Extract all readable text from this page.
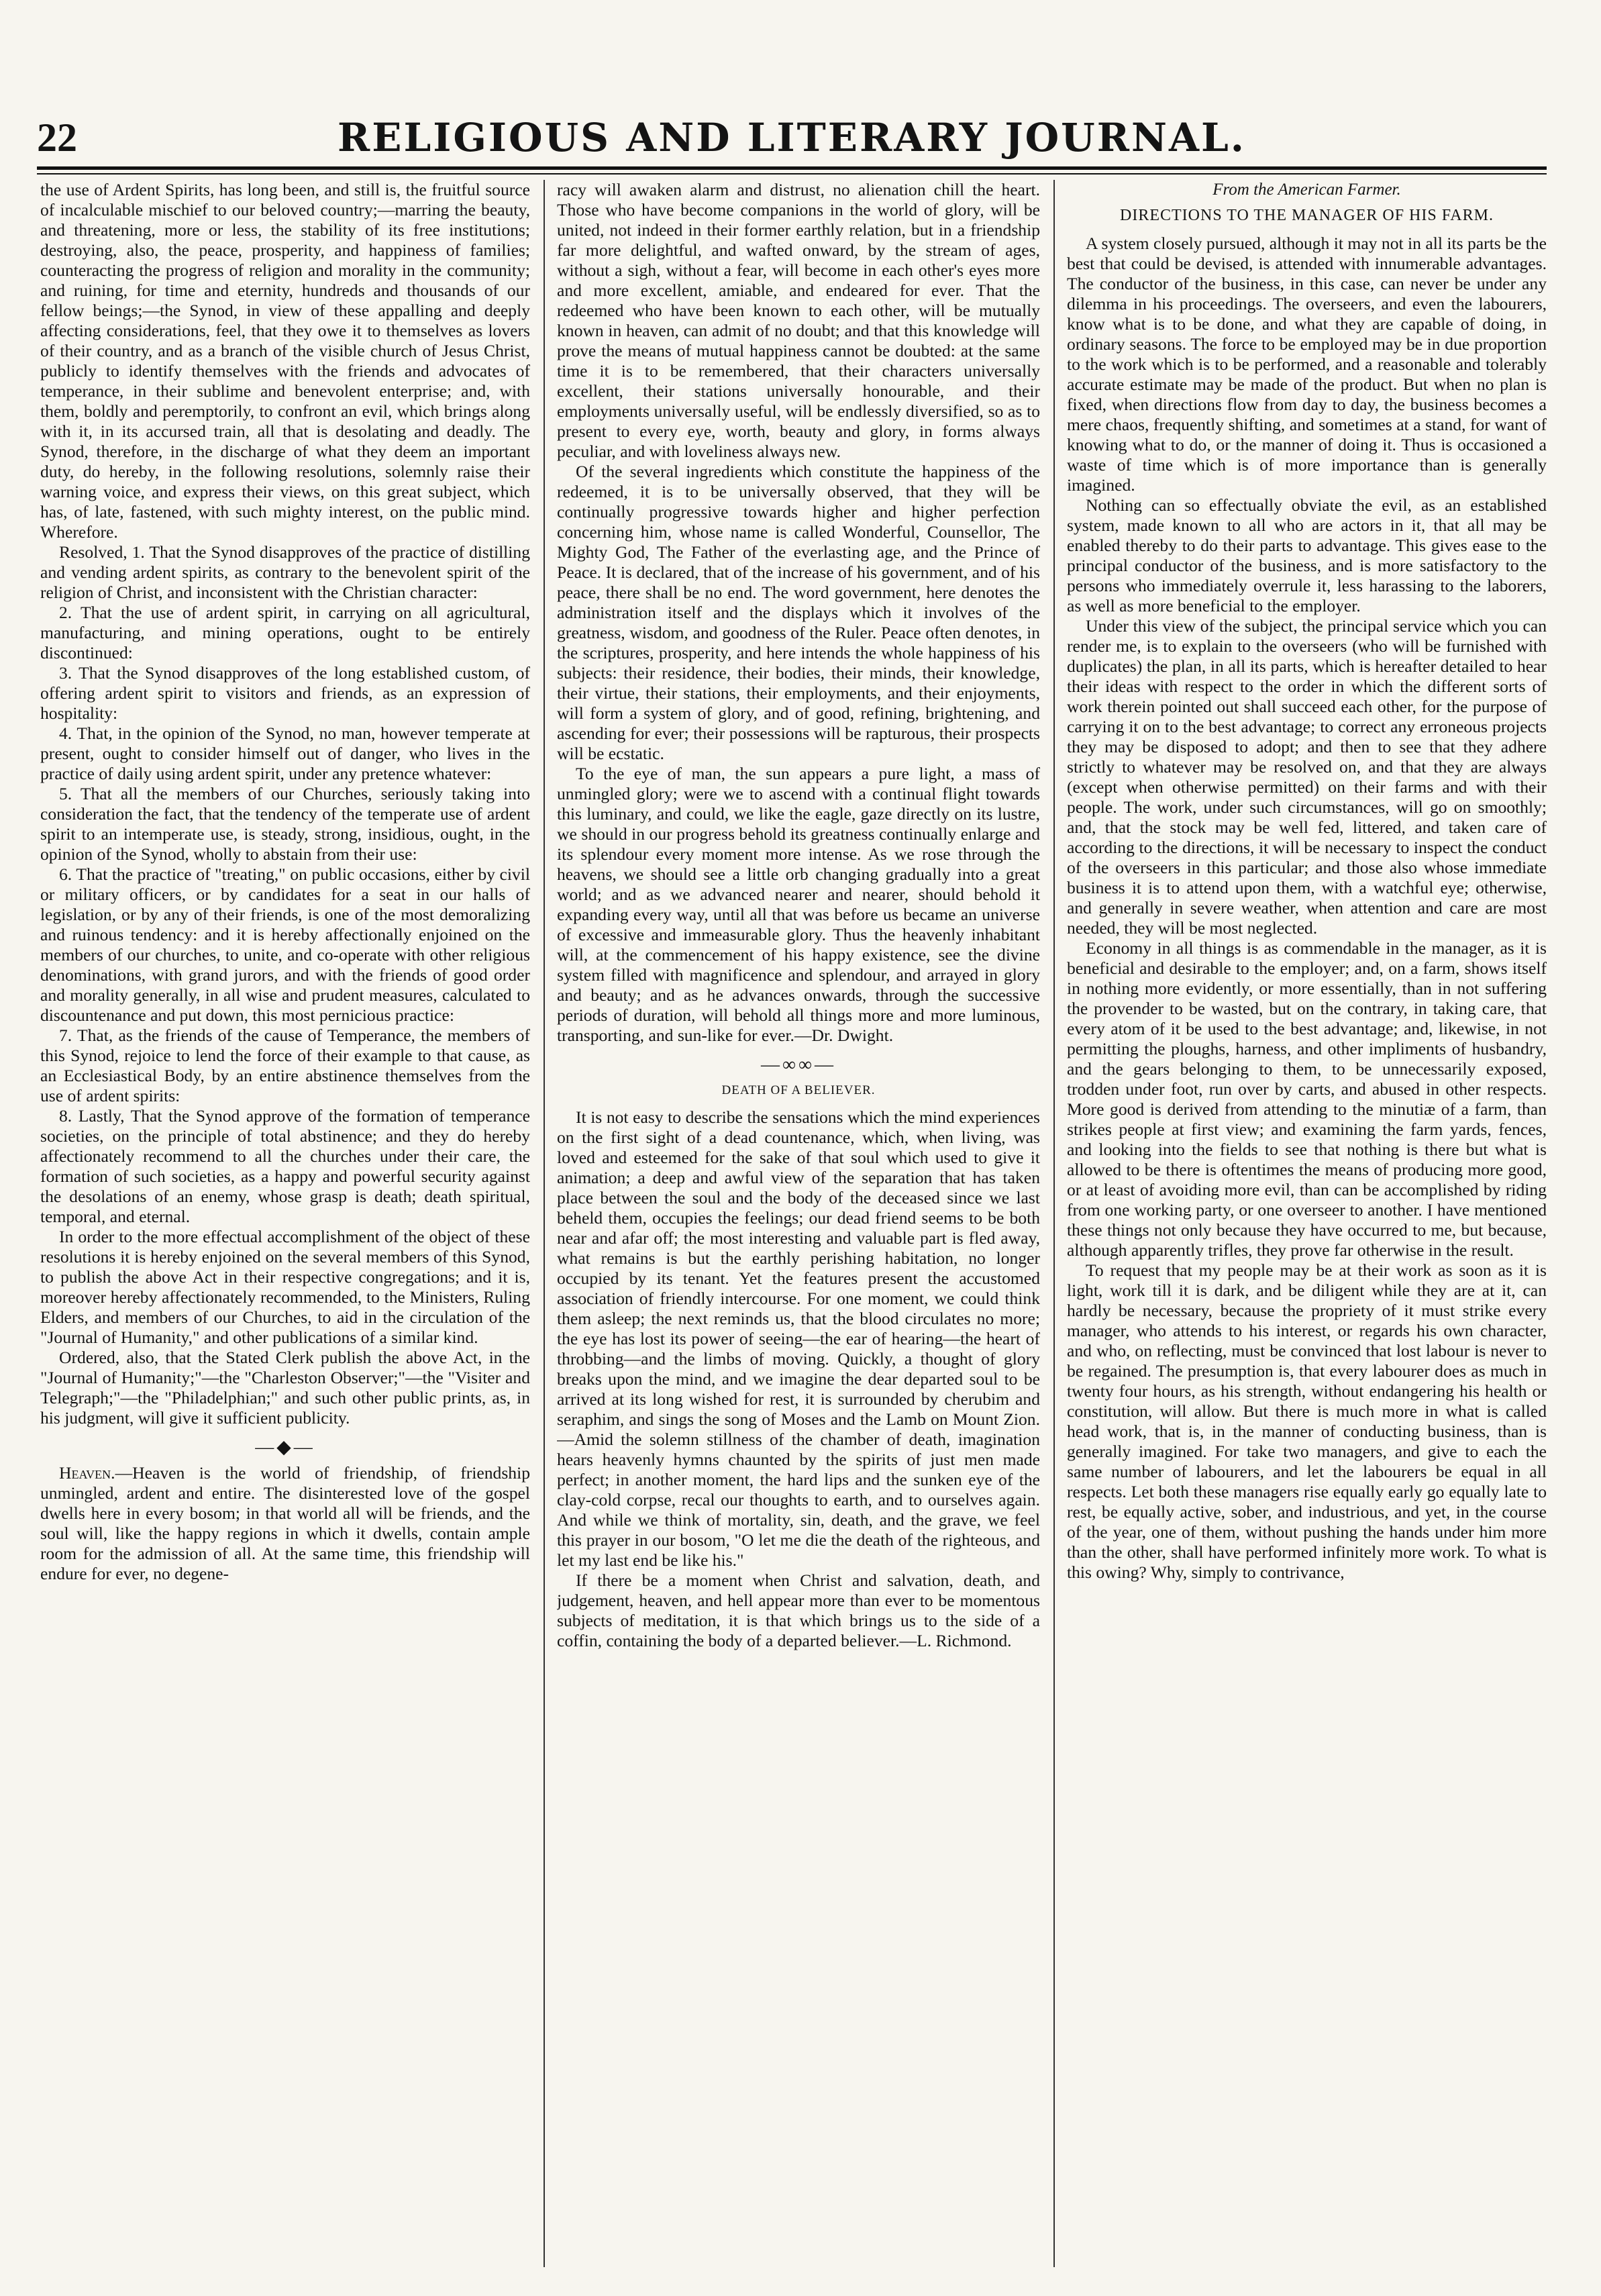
22	RELIGIOUS AND LITERARY JOURNAL.

the use of Ardent Spirits, has long been, and still is, the fruitful source of incalculable mischief to our beloved country;—marring the beauty, and threatening, more or less, the stability of its free institutions; destroying, also, the peace, prosperity, and happiness of families; counteracting the progress of religion and morality in the community; and ruining, for time and eternity, hundreds and thousands of our fellow beings;—the Synod, in view of these appalling and deeply affecting considerations, feel, that they owe it to themselves as lovers of their country, and as a branch of the visible church of Jesus Christ, publicly to identify themselves with the friends and advocates of temperance, in their sublime and benevolent enterprise; and, with them, boldly and peremptorily, to confront an evil, which brings along with it, in its accursed train, all that is desolating and deadly. The Synod, therefore, in the discharge of what they deem an important duty, do hereby, in the following resolutions, solemnly raise their warning voice, and express their views, on this great subject, which has, of late, fastened, with such mighty interest, on the public mind. Wherefore.

Resolved, 1. That the Synod disapproves of the practice of distilling and vending ardent spirits, as contrary to the benevolent spirit of the religion of Christ, and inconsistent with the Christian character:

2. That the use of ardent spirit, in carrying on all agricultural, manufacturing, and mining operations, ought to be entirely discontinued:

3. That the Synod disapproves of the long established custom, of offering ardent spirit to visitors and friends, as an expression of hospitality:

4. That, in the opinion of the Synod, no man, however temperate at present, ought to consider himself out of danger, who lives in the practice of daily using ardent spirit, under any pretence whatever:

5. That all the members of our Churches, seriously taking into consideration the fact, that the tendency of the temperate use of ardent spirit to an intemperate use, is steady, strong, insidious, ought, in the opinion of the Synod, wholly to abstain from their use:

6. That the practice of "treating," on public occasions, either by civil or military officers, or by candidates for a seat in our halls of legislation, or by any of their friends, is one of the most demoralizing and ruinous tendency: and it is hereby affectionally enjoined on the members of our churches, to unite, and co-operate with other religious denominations, with grand jurors, and with the friends of good order and morality generally, in all wise and prudent measures, calculated to discountenance and put down, this most pernicious practice:

7. That, as the friends of the cause of Temperance, the members of this Synod, rejoice to lend the force of their example to that cause, as an Ecclesiastical Body, by an entire abstinence themselves from the use of ardent spirits:

8. Lastly, That the Synod approve of the formation of temperance societies, on the principle of total abstinence; and they do hereby affectionately recommend to all the churches under their care, the formation of such societies, as a happy and powerful security against the desolations of an enemy, whose grasp is death; death spiritual, temporal, and eternal.

In order to the more effectual accomplishment of the object of these resolutions it is hereby enjoined on the several members of this Synod, to publish the above Act in their respective congregations; and it is, moreover hereby affectionately recommended, to the Ministers, Ruling Elders, and members of our Churches, to aid in the circulation of the "Journal of Humanity," and other publications of a similar kind.

Ordered, also, that the Stated Clerk publish the above Act, in the "Journal of Humanity;"—the "Charleston Observer;"—the "Visiter and Telegraph;"—the "Philadelphian;" and such other public prints, as, in his judgment, will give it sufficient publicity.

—◆—

Heaven.—Heaven is the world of friendship, of friendship unmingled, ardent and entire. The disinterested love of the gospel dwells here in every bosom; in that world all will be friends, and the soul will, like the happy regions in which it dwells, contain ample room for the admission of all. At the same time, this friendship will endure for ever, no degene-

racy will awaken alarm and distrust, no alienation chill the heart. Those who have become companions in the world of glory, will be united, not indeed in their former earthly relation, but in a friendship far more delightful, and wafted onward, by the stream of ages, without a sigh, without a fear, will become in each other's eyes more and more excellent, amiable, and endeared for ever. That the redeemed who have been known to each other, will be mutually known in heaven, can admit of no doubt; and that this knowledge will prove the means of mutual happiness cannot be doubted: at the same time it is to be remembered, that their characters universally excellent, their stations universally honourable, and their employments universally useful, will be endlessly diversified, so as to present to every eye, worth, beauty and glory, in forms always peculiar, and with loveliness always new.

Of the several ingredients which constitute the happiness of the redeemed, it is to be universally observed, that they will be continually progressive towards higher and higher perfection concerning him, whose name is called Wonderful, Counsellor, The Mighty God, The Father of the everlasting age, and the Prince of Peace. It is declared, that of the increase of his government, and of his peace, there shall be no end. The word government, here denotes the administration itself and the displays which it involves of the greatness, wisdom, and goodness of the Ruler. Peace often denotes, in the scriptures, prosperity, and here intends the whole happiness of his subjects: their residence, their bodies, their minds, their knowledge, their virtue, their stations, their employments, and their enjoyments, will form a system of glory, and of good, refining, brightening, and ascending for ever; their possessions will be rapturous, their prospects will be ecstatic.

To the eye of man, the sun appears a pure light, a mass of unmingled glory; were we to ascend with a continual flight towards this luminary, and could, we like the eagle, gaze directly on its lustre, we should in our progress behold its greatness continually enlarge and its splendour every moment more intense. As we rose through the heavens, we should see a little orb changing gradually into a great world; and as we advanced nearer and nearer, should behold it expanding every way, until all that was before us became an universe of excessive and immeasurable glory. Thus the heavenly inhabitant will, at the commencement of his happy existence, see the divine system filled with magnificence and splendour, and arrayed in glory and beauty; and as he advances onwards, through the successive periods of duration, will behold all things more and more luminous, transporting, and sun-like for ever.—Dr. Dwight.

—∞∞—

DEATH OF A BELIEVER.

It is not easy to describe the sensations which the mind experiences on the first sight of a dead countenance, which, when living, was loved and esteemed for the sake of that soul which used to give it animation; a deep and awful view of the separation that has taken place between the soul and the body of the deceased since we last beheld them, occupies the feelings; our dead friend seems to be both near and afar off; the most interesting and valuable part is fled away, what remains is but the earthly perishing habitation, no longer occupied by its tenant. Yet the features present the accustomed association of friendly intercourse. For one moment, we could think them asleep; the next reminds us, that the blood circulates no more; the eye has lost its power of seeing—the ear of hearing—the heart of throbbing—and the limbs of moving. Quickly, a thought of glory breaks upon the mind, and we imagine the dear departed soul to be arrived at its long wished for rest, it is surrounded by cherubim and seraphim, and sings the song of Moses and the Lamb on Mount Zion.—Amid the solemn stillness of the chamber of death, imagination hears heavenly hymns chaunted by the spirits of just men made perfect; in another moment, the hard lips and the sunken eye of the clay-cold corpse, recal our thoughts to earth, and to ourselves again. And while we think of mortality, sin, death, and the grave, we feel this prayer in our bosom, "O let me die the death of the righteous, and let my last end be like his."

If there be a moment when Christ and salvation, death, and judgement, heaven, and hell appear more than ever to be momentous subjects of meditation, it is that which brings us to the side of a coffin, containing the body of a departed believer.—L. Richmond.

From the American Farmer.

DIRECTIONS TO THE MANAGER OF HIS FARM.

A system closely pursued, although it may not in all its parts be the best that could be devised, is attended with innumerable advantages. The conductor of the business, in this case, can never be under any dilemma in his proceedings. The overseers, and even the labourers, know what is to be done, and what they are capable of doing, in ordinary seasons. The force to be employed may be in due proportion to the work which is to be performed, and a reasonable and tolerably accurate estimate may be made of the product. But when no plan is fixed, when directions flow from day to day, the business becomes a mere chaos, frequently shifting, and sometimes at a stand, for want of knowing what to do, or the manner of doing it. Thus is occasioned a waste of time which is of more importance than is generally imagined.

Nothing can so effectually obviate the evil, as an established system, made known to all who are actors in it, that all may be enabled thereby to do their parts to advantage. This gives ease to the principal conductor of the business, and is more satisfactory to the persons who immediately overrule it, less harassing to the laborers, as well as more beneficial to the employer.

Under this view of the subject, the principal service which you can render me, is to explain to the overseers (who will be furnished with duplicates) the plan, in all its parts, which is hereafter detailed to hear their ideas with respect to the order in which the different sorts of work therein pointed out shall succeed each other, for the purpose of carrying it on to the best advantage; to correct any erroneous projects they may be disposed to adopt; and then to see that they adhere strictly to whatever may be resolved on, and that they are always (except when otherwise permitted) on their farms and with their people. The work, under such circumstances, will go on smoothly; and, that the stock may be well fed, littered, and taken care of according to the directions, it will be necessary to inspect the conduct of the overseers in this particular; and those also whose immediate business it is to attend upon them, with a watchful eye; otherwise, and generally in severe weather, when attention and care are most needed, they will be most neglected.

Economy in all things is as commendable in the manager, as it is beneficial and desirable to the employer; and, on a farm, shows itself in nothing more evidently, or more essentially, than in not suffering the provender to be wasted, but on the contrary, in taking care, that every atom of it be used to the best advantage; and, likewise, in not permitting the ploughs, harness, and other impliments of husbandry, and the gears belonging to them, to be unnecessarily exposed, trodden under foot, run over by carts, and abused in other respects. More good is derived from attending to the minutiæ of a farm, than strikes people at first view; and examining the farm yards, fences, and looking into the fields to see that nothing is there but what is allowed to be there is oftentimes the means of producing more good, or at least of avoiding more evil, than can be accomplished by riding from one working party, or one overseer to another. I have mentioned these things not only because they have occurred to me, but because, although apparently trifles, they prove far otherwise in the result.

To request that my people may be at their work as soon as it is light, work till it is dark, and be diligent while they are at it, can hardly be necessary, because the propriety of it must strike every manager, who attends to his interest, or regards his own character, and who, on reflecting, must be convinced that lost labour is never to be regained. The presumption is, that every labourer does as much in twenty four hours, as his strength, without endangering his health or constitution, will allow. But there is much more in what is called head work, that is, in the manner of conducting business, than is generally imagined. For take two managers, and give to each the same number of labourers, and let the labourers be equal in all respects. Let both these managers rise equally early go equally late to rest, be equally active, sober, and industrious, and yet, in the course of the year, one of them, without pushing the hands under him more than the other, shall have performed infinitely more work. To what is this owing? Why, simply to contrivance,
